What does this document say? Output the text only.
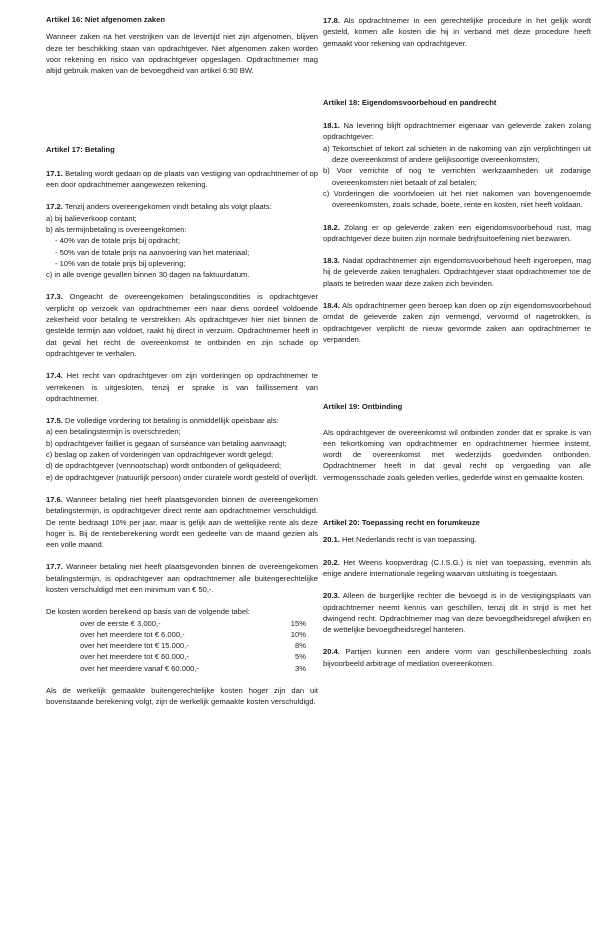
Artikel 16: Niet afgenomen zaken

Wanneer zaken na het verstrijken van de levertijd niet zijn afgenomen, blijven deze ter beschikking staan van opdrachtgever. Niet afgenomen zaken worden voor rekening en risico van opdrachtgever opgeslagen. Opdrachtnemer mag altijd gebruik maken van de bevoegdheid van artikel 6:90 BW.

Artikel 17: Betaling

17.1. Betaling wordt gedaan op de plaats van vestiging van opdrachtnemer of op een door opdrachtnemer aangewezen rekening.

17.2. Tenzij anders overeengekomen vindt betaling als volgt plaats:

a) bij balieverkoop contant;
b) als termijnbetaling is overeengekomen:
- 40% van de totale prijs bij opdracht;
- 50% van de totale prijs na aanvoering van het materiaal;
- 10% van de totale prijs bij oplevering;
c) in alle overige gevallen binnen 30 dagen na faktuurdatum.

17.3. Ongeacht de overeengekomen betalingscondities is opdrachtgever verplicht op verzoek van opdrachtnemer een naar diens oordeel voldoende zekerheid voor betaling te verstrekken. Als opdrachtgever hier niet binnen de gestelde termijn aan voldoet, raakt hij direct in verzuim. Opdrachtnemer heeft in dat geval het recht de overeenkomst te ontbinden en zijn schade op opdrachtgever te verhalen.

17.4. Het recht van opdrachtgever om zijn vorderingen op opdrachtnemer te verrekenen is uitgesloten, tenzij er sprake is van faillissement van opdrachtnemer.

17.5. De volledige vordering tot betaling is onmiddellijk opeisbaar als:

a) een betalingstermijn is overschreden;
b) opdrachtgever failliet is gegaan of surséance van betaling aanvraagt;
c) beslag op zaken of vorderingen van opdrachtgever wordt gelegd;
d) de opdrachtgever (vennootschap) wordt ontbonden of geliquideerd;
e) de opdrachtgever (natuurlijk persoon) onder curatele wordt gesteld of overlijdt.

17.6. Wanneer betaling niet heeft plaatsgevonden binnen de overeengekomen betalingstermijn, is opdrachtgever direct rente aan opdrachtnemer verschuldigd. De rente bedraagt 10% per jaar, maar is gelijk aan de wettelijke rente als deze hoger is. Bij de renteberekening wordt een gedeelte van de maand gezien als een volle maand.

17.7. Wanneer betaling niet heeft plaatsgevonden binnen de overeengekomen betalingstermijn, is opdrachtgever aan opdrachtnemer alle buitengerechtelijke kosten verschuldigd met een minimum van € 50,-.

De kosten worden berekend op basis van de volgende tabel:

over de eerste € 3.000,-	15%
over het meerdere tot € 6.000,-	10%
over het meerdere tot € 15.000,-	8%
over het meerdere tot € 60.000,-	5%
over het meerdere vanaf € 60.000,-	3%

Als de werkelijk gemaakte buitengerechtelijke kosten hoger zijn dan uit bovenstaande berekening volgt, zijn de werkelijk gemaakte kosten verschuldigd.

17.8. Als opdrachtnemer in een gerechtelijke procedure in het gelijk wordt gesteld, komen alle kosten die hij in verband met deze procedure heeft gemaakt voor rekening van opdrachtgever.

Artikel 18: Eigendomsvoorbehoud en pandrecht

18.1. Na levering blijft opdrachtnemer eigenaar van geleverde zaken zolang opdrachtgever:

a) Tekortschiet of tekort zal schieten in de nakoming van zijn verplichtingen uit deze overeenkomst of andere gelijksoortige overeenkomsten;
b) Voor verrichte of nog te verrichten werkzaamheden uit zodanige overeenkomsten niet betaalt of zal betalen;
c) Vorderingen die voortvloeien uit het niet nakomen van bovengenoemde overeenkomsten, zoals schade, boete, rente en kosten, niet heeft voldaan.

18.2. Zolang er op geleverde zaken een eigendomsvoorbehoud rust, mag opdrachtgever deze buiten zijn normale bedrijfsuitoefening niet bezwaren.

18.3. Nadat opdrachtnemer zijn eigendomsvoorbehoud heeft ingeroepen, mag hij de geleverde zaken terughalen. Opdrachtgever staat opdrachtnemer toe de plaats te betreden waar deze zaken zich bevinden.

18.4. Als opdrachtnemer geen beroep kan doen op zijn eigendomsvoorbehoud omdat de geleverde zaken zijn vermengd, vervormd of nagetrokken, is opdrachtgever verplicht de nieuw gevormde zaken aan opdrachtnemer te verpanden.

Artikel 19: Ontbinding

Als opdrachtgever de overeenkomst wil ontbinden zonder dat er sprake is van een tekortkoming van opdrachtnemer en opdrachtnemer hiermee instemt, wordt de overeenkomst met wederzijds goedvinden ontbonden. Opdrachtnemer heeft in dat geval recht op vergoeding van alle vermogensschade zoals geleden verlies, gederfde winst en gemaakte kosten.

Artikel 20: Toepassing recht en forumkeuze

20.1. Het Nederlands recht is van toepassing.

20.2. Het Weens koopverdrag (C.I.S.G.) is niet van toepassing, evenmin als enige andere internationale regeling waarvan uitsluiting is toegestaan.

20.3. Alleen de burgerlijke rechter die bevoegd is in de vestigingsplaats van opdrachtnemer neemt kennis van geschillen, tenzij dit in strijd is met het dwingend recht. Opdrachtnemer mag van deze bevoegdheidsregel afwijken en de wettelijke bevoegdheidsregel hanteren.

20.4. Partijen kunnen een andere vorm van geschillenbeslechting zoals bijvoorbeeld arbitrage of mediation overeenkomen.
